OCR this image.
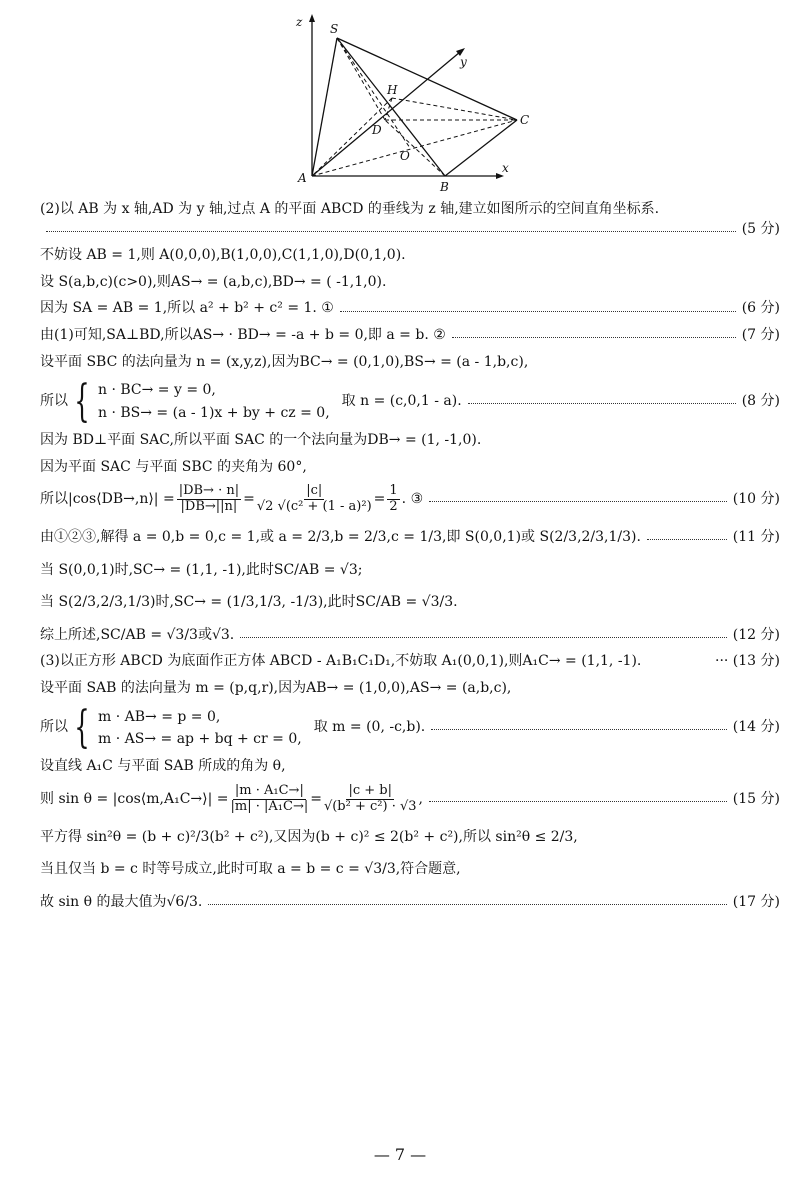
z S
y
H
C
D
O
A
B
x
(2)以 AB 为 x 轴,AD 为 y 轴,过点 A 的平面 ABCD 的垂线为 z 轴,建立如图所示的空间直角坐标系.
(5 分)
不妨设 AB = 1,则 A(0,0,0),B(1,0,0),C(1,1,0),D(0,1,0).
设 S(a,b,c)(c>0),则AS→ = (a,b,c),BD→ = ( -1,1,0).
因为 SA = AB = 1,所以 a² + b² + c² = 1. ①	(6 分)
由(1)可知,SA⊥BD,所以AS→ · BD→ = -a + b = 0,即 a = b. ②	(7 分)
设平面 SBC 的法向量为 n = (x,y,z),因为BC→ = (0,1,0),BS→ = (a - 1,b,c),
所以 { n · BC→ = y = 0,
n · BS→ = (a - 1)x + by + cz = 0,
取 n = (c,0,1 - a).	(8 分)
因为 BD⊥平面 SAC,所以平面 SAC 的一个法向量为DB→ = (1, -1,0).
因为平面 SAC 与平面 SBC 的夹角为 60°,
所以|cos⟨DB→,n⟩| = $\frac{|DB\to \cdot n|}{|DB\to||n|} = \frac{|c|}{\text{√2 √(c² + (1 - a)²)}} = \frac{1}{2}$ . ③	(10 分)
由①②③,解得 a = 0,b = 0,c = 1,或 a = 2/3,b = 2/3,c = 1/3,即 S(0,0,1)或 S(2/3,2/3,1/3).	(11 分)
当 S(0,0,1)时,SC→ = (1,1, -1),此时SC/AB = √3;
当 S(2/3,2/3,1/3)时,SC→ = (1/3,1/3, -1/3),此时SC/AB = √3/3.
综上所述,SC/AB = √3/3或√3.	(12 分)
(3)以正方形 ABCD 为底面作正方体 ABCD - A₁B₁C₁D₁,不妨取 A₁(0,0,1),则A₁C→ = (1,1, -1).	··· (13 分)
设平面 SAB 的法向量为 m = (p,q,r),因为AB→ = (1,0,0),AS→ = (a,b,c),
所以 { m · AB→ = p = 0,
m · AS→ = ap + bq + cr = 0,
取 m = (0, -c,b).	(14 分)
设直线 A₁C 与平面 SAB 所成的角为 θ,
则 sin θ = |cos⟨m,A₁C→⟩| = $\frac{\text{|m · A₁C→|}}{\text{|m| · |A₁C→|}} = \frac{|c + b|}{\text{√(b² + c²) · √3}}$ ,	(15 分)
平方得 sin²θ = (b + c)²/3(b² + c²),又因为(b + c)² ≤ 2(b² + c²),所以 sin²θ ≤ 2/3,
当且仅当 b = c 时等号成立,此时可取 a = b = c = √3/3,符合题意,
故 sin θ 的最大值为√6/3.	(17 分)
— 7 —
